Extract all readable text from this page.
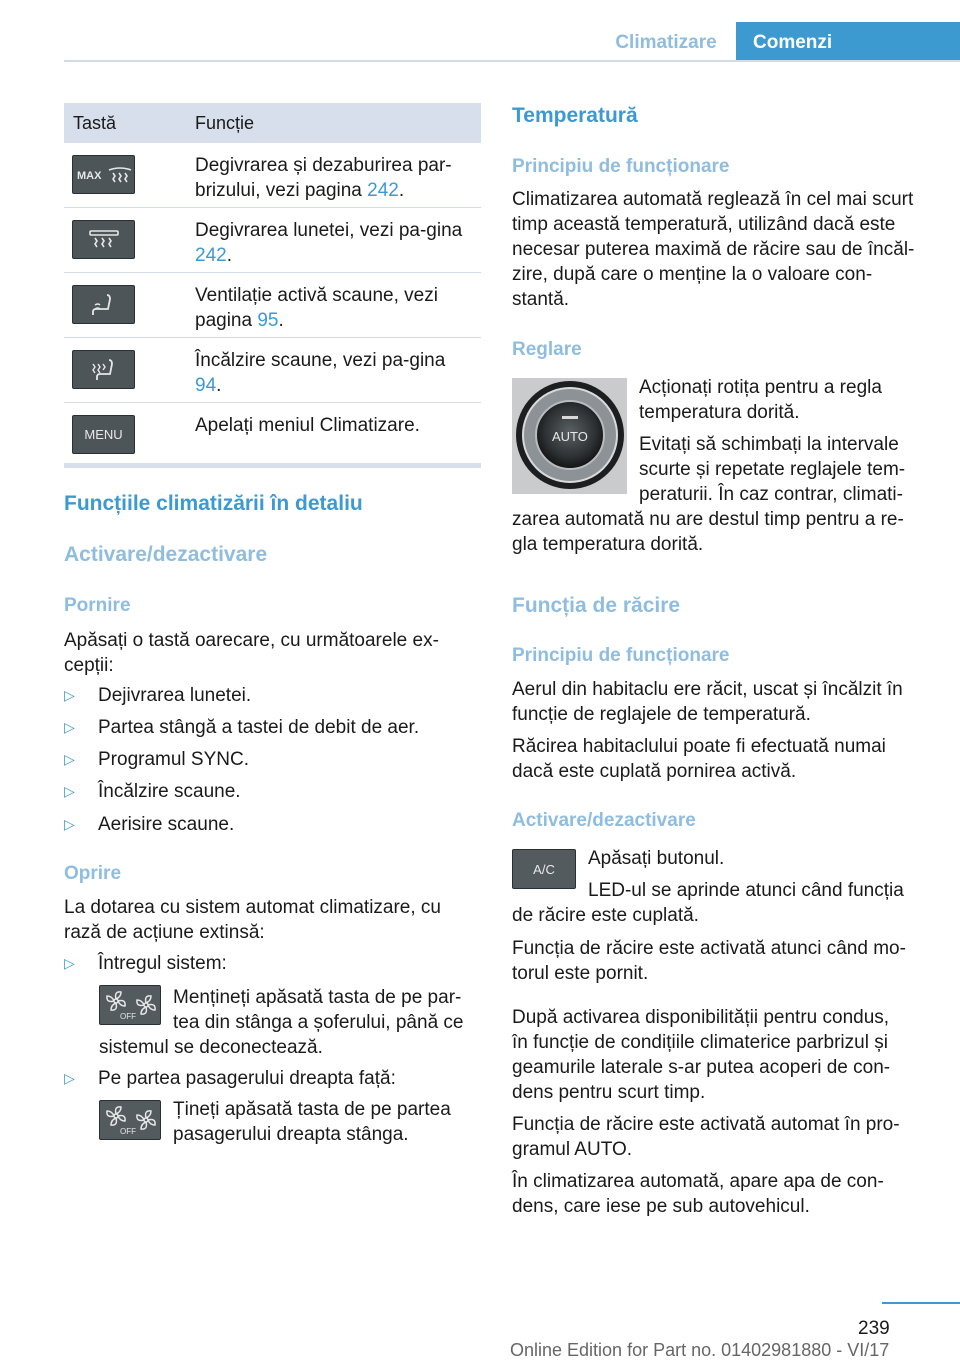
Climatizare	Comenzi
Tastă	Funcție
MAX	Degivrarea și dezaburirea par-brizului, vezi pagina 242.
Degivrarea lunetei, vezi pa-gina 242.
Ventilație activă scaune, vezi pagina 95.
Încălzire scaune, vezi pa-gina 94.
MENU	Apelați meniul Climatizare.
Funcțiile climatizării în detaliu
Activare/dezactivare
Pornire
Apăsați o tastă oarecare, cu următoarele ex-
cepții:
▷ Dejivrarea lunetei.
▷ Partea stângă a tastei de debit de aer.
▷ Programul SYNC.
▷ Încălzire scaune.
▷ Aerisire scaune.
Oprire
La dotarea cu sistem automat climatizare, cu
rază de acțiune extinsă:
▷ Întregul sistem:
OFF
Mențineți apăsată tasta de pe par-
tea din stânga a șoferului, până ce
sistemul se deconectează.
▷ Pe partea pasagerului dreapta față:
OFF
Țineți apăsată tasta de pe partea
pasagerului dreapta stânga.
Temperatură
Principiu de funcționare
Climatizarea automată reglează în cel mai scurt
timp această temperatură, utilizând dacă este
necesar puterea maximă de răcire sau de încăl-
zire, după care o menține la o valoare con-
stantă.
Reglare
AUTO
Acționați rotița pentru a regla
temperatura dorită.
Evitați să schimbați la intervale
scurte și repetate reglajele tem-
peraturii. În caz contrar, climati-
zarea automată nu are destul timp pentru a re-
gla temperatura dorită.
Funcția de răcire
Principiu de funcționare
Aerul din habitaclu ere răcit, uscat și încălzit în
funcție de reglajele de temperatură.
Răcirea habitaclului poate fi efectuată numai
dacă este cuplată pornirea activă.
Activare/dezactivare
A/C Apăsați butonul.
LED-ul se aprinde atunci când funcția
de răcire este cuplată.
Funcția de răcire este activată atunci când mo-
torul este pornit.
După activarea disponibilității pentru condus,
în funcție de condițiile climaterice parbrizul și
geamurile laterale s-ar putea acoperi de con-
dens pentru scurt timp.
Funcția de răcire este activată automat în pro-
gramul AUTO.
În climatizarea automată, apare apa de con-
dens, care iese pe sub autovehicul.
239
Online Edition for Part no. 01402981880 - VI/17
